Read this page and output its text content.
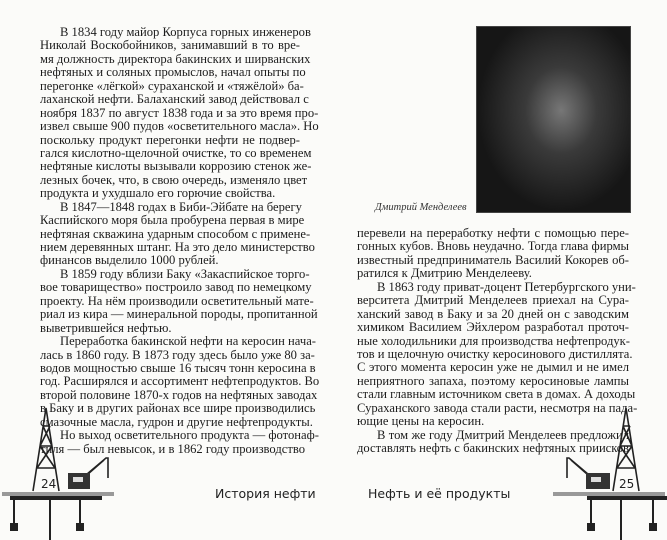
В 1834 году майор Корпуса горных инженеров
Николай Воскобойников, занимавший в то вре-
мя должность директора бакинских и ширванских
нефтяных и соляных промыслов, начал опыты по
перегонке «лёгкой» сураханской и «тяжёлой» ба-
лаханской нефти. Балаханский завод действовал с
ноября 1837 по август 1838 года и за это время про-
извел свыше 900 пудов «осветительного масла». Но
поскольку продукт перегонки нефти не подвер-
гался кислотно-щелочной очистке, то со временем
нефтяные кислоты вызывали коррозию стенок же-
лезных бочек, что, в свою очередь, изменяло цвет
продукта и ухудшало его горючие свойства.
В 1847—1848 годах в Биби-Эйбате на берегу
Каспийского моря была пробурена первая в мире
нефтяная скважина ударным способом с примене-
нием деревянных штанг. На это дело министерство
финансов выделило 1000 рублей.
В 1859 году вблизи Баку «Закаспийское торго-
вое товарищество» построило завод по немецкому
проекту. На нём производили осветительный мате-
риал из кира — минеральной породы, пропитанной
выветрившейся нефтью.
Переработка бакинской нефти на керосин нача-
лась в 1860 году. В 1873 году здесь было уже 80 за-
водов мощностью свыше 16 тысяч тонн керосина в
год. Расширялся и ассортимент нефтепродуктов. Во
второй половине 1870-х годов на нефтяных заводах
в Баку и в других районах все шире производились
смазочные масла, гудрон и другие нефтепродукты.
Но выход осветительного продукта — фотонаф-
тиля — был невысок, и в 1862 году производство
24
История нефти
Дмитрий Менделеев
перевели на переработку нефти с помощью пере-
гонных кубов. Вновь неудачно. Тогда глава фирмы
известный предприниматель Василий Кокорев об-
ратился к Дмитрию Менделееву.
В 1863 году приват-доцент Петербургского уни-
верситета Дмитрий Менделеев приехал на Сура-
ханский завод в Баку и за 20 дней он с заводским
химиком Василием Эйхлером разработал проточ-
ные холодильники для производства нефтепродук-
тов и щелочную очистку керосинового дистиллята.
С этого момента керосин уже не дымил и не имел
неприятного запаха, поэтому керосиновые лампы
стали главным источником света в домах. А доходы
Сураханского завода стали расти, несмотря на пада-
ющие цены на керосин.
В том же году Дмитрий Менделеев предложил
доставлять нефть с бакинских нефтяных приисков
25
Нефть и её продукты
